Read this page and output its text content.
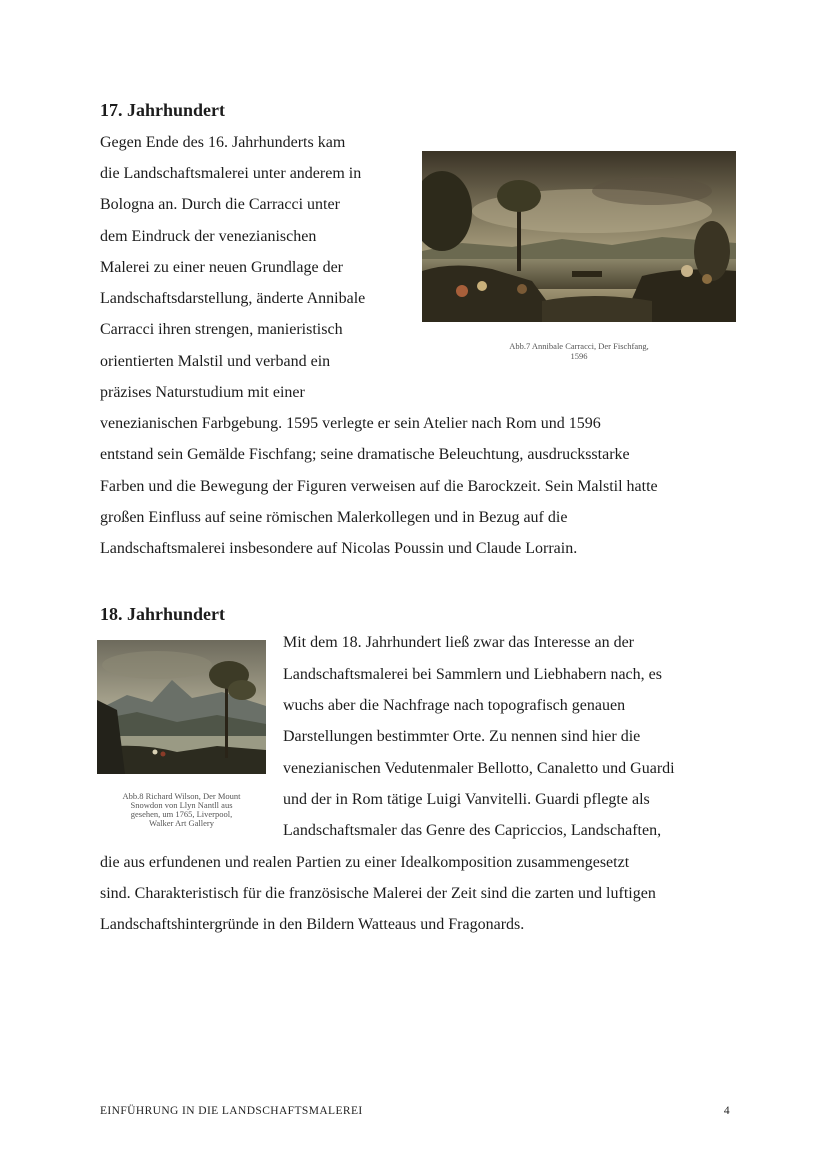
17. Jahrhundert

Gegen Ende des 16. Jahrhunderts kam

die Landschaftsmalerei unter anderem in

Bologna an. Durch die Carracci unter

dem Eindruck der venezianischen

Malerei zu einer neuen Grundlage der

Landschaftsdarstellung, änderte Annibale

Carracci ihren strengen, manieristisch

orientierten Malstil und verband ein

präzises Naturstudium mit einer

venezianischen Farbgebung. 1595 verlegte er sein Atelier nach Rom und 1596

entstand sein Gemälde Fischfang; seine dramatische Beleuchtung, ausdrucksstarke

Farben und die Bewegung der Figuren verweisen auf die Barockzeit. Sein Malstil hatte

großen Einfluss auf seine römischen Malerkollegen und in Bezug auf die

Landschaftsmalerei insbesondere auf Nicolas Poussin und Claude Lorrain.

Abb.7 Annibale Carracci, Der Fischfang,

1596

18. Jahrhundert

Mit dem 18. Jahrhundert ließ zwar das Interesse an der

Landschaftsmalerei bei Sammlern und Liebhabern nach, es

wuchs aber die Nachfrage nach topografisch genauen

Darstellungen bestimmter Orte. Zu nennen sind hier die

venezianischen Vedutenmaler Bellotto, Canaletto und Guardi

und der in Rom tätige Luigi Vanvitelli. Guardi pflegte als

Landschaftsmaler das Genre des Capriccios, Landschaften,

die aus erfundenen und realen Partien zu einer Idealkomposition zusammengesetzt

sind. Charakteristisch für die französische Malerei der Zeit sind die zarten und luftigen

Landschaftshintergründe in den Bildern Watteaus und Fragonards.

Abb.8 Richard Wilson, Der Mount

Snowdon von Llyn Nantll aus

gesehen, um 1765, Liverpool,

Walker Art Gallery

EINFÜHRUNG IN DIE LANDSCHAFTSMALEREI	4
